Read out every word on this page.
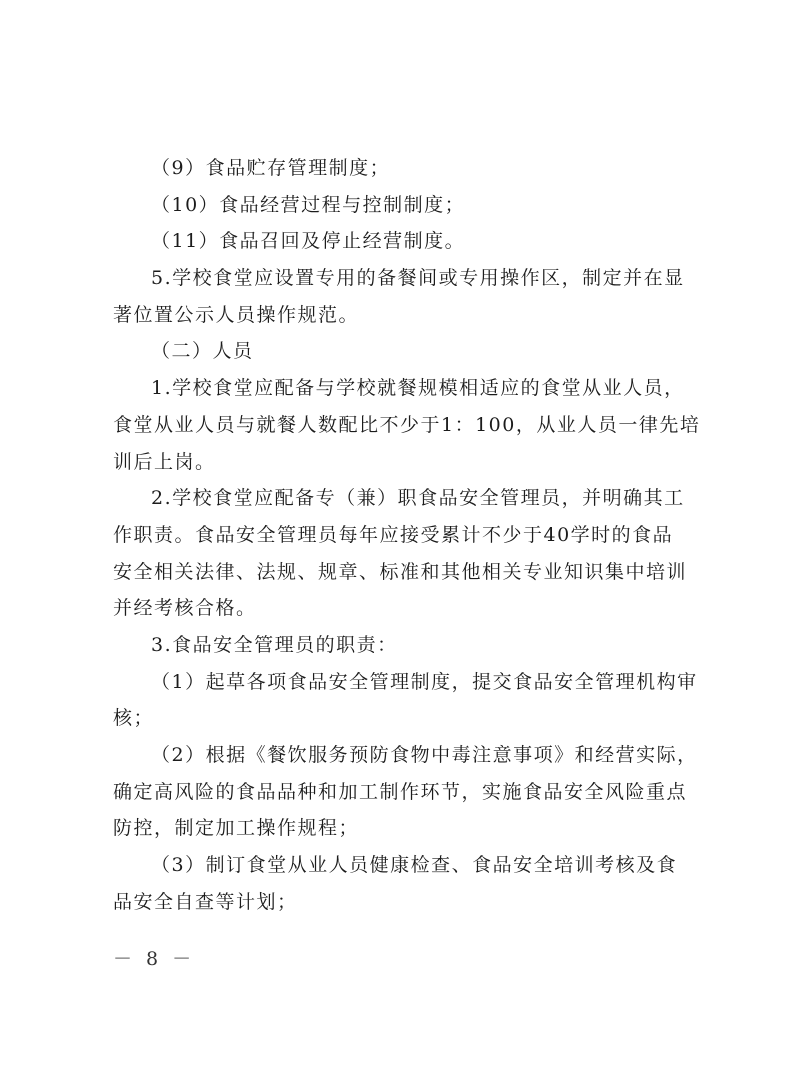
（9）食品贮存管理制度；
（10）食品经营过程与控制制度；
（11）食品召回及停止经营制度。
5.学校食堂应设置专用的备餐间或专用操作区，制定并在显
著位置公示人员操作规范。
（二）人员
1.学校食堂应配备与学校就餐规模相适应的食堂从业人员，
食堂从业人员与就餐人数配比不少于1：100，从业人员一律先培
训后上岗。
2.学校食堂应配备专（兼）职食品安全管理员，并明确其工
作职责。食品安全管理员每年应接受累计不少于40学时的食品
安全相关法律、法规、规章、标准和其他相关专业知识集中培训
并经考核合格。
3.食品安全管理员的职责：
（1）起草各项食品安全管理制度，提交食品安全管理机构审
核；
（2）根据《餐饮服务预防食物中毒注意事项》和经营实际，
确定高风险的食品品种和加工制作环节，实施食品安全风险重点
防控，制定加工操作规程；
（3）制订食堂从业人员健康检查、食品安全培训考核及食
品安全自查等计划；
－ 8 －
